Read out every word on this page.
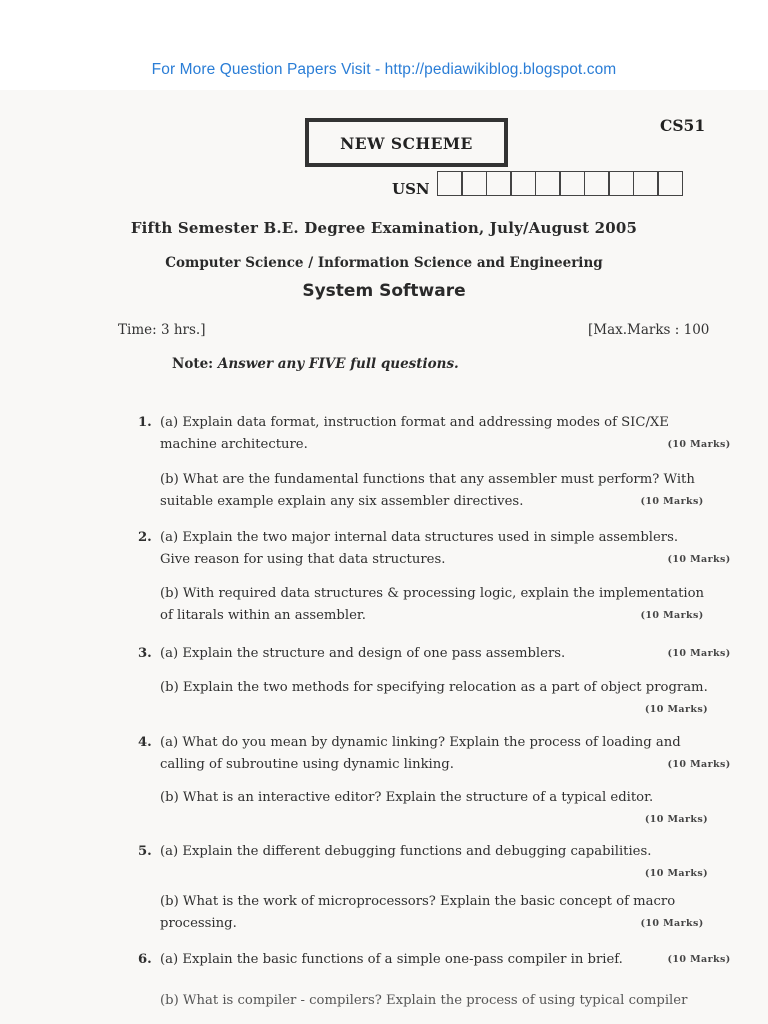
For More Question Papers Visit - http://pediawikiblog.blogspot.com
NEW SCHEME
CS51
USN
Fifth Semester B.E. Degree Examination, July/August 2005
Computer Science / Information Science and Engineering
System Software
Time: 3 hrs.]	[Max.Marks : 100
Note: Answer any FIVE full questions.
1. (a) Explain data format, instruction format and addressing modes of SIC/XE
machine architecture.	(10 Marks)
(b) What are the fundamental functions that any assembler must perform? With
suitable example explain any six assembler directives.	(10 Marks)
2. (a) Explain the two major internal data structures used in simple assemblers.
Give reason for using that data structures.	(10 Marks)
(b) With required data structures & processing logic, explain the implementation
of litarals within an assembler.	(10 Marks)
3. (a) Explain the structure and design of one pass assemblers.	(10 Marks)
(b) Explain the two methods for specifying relocation as a part of object program.
(10 Marks)
4. (a) What do you mean by dynamic linking? Explain the process of loading and
calling of subroutine using dynamic linking.	(10 Marks)
(b) What is an interactive editor? Explain the structure of a typical editor.
(10 Marks)
5. (a) Explain the different debugging functions and debugging capabilities.
(10 Marks)
(b) What is the work of microprocessors? Explain the basic concept of macro
processing.	(10 Marks)
6. (a) Explain the basic functions of a simple one-pass compiler in brief.	(10 Marks)
